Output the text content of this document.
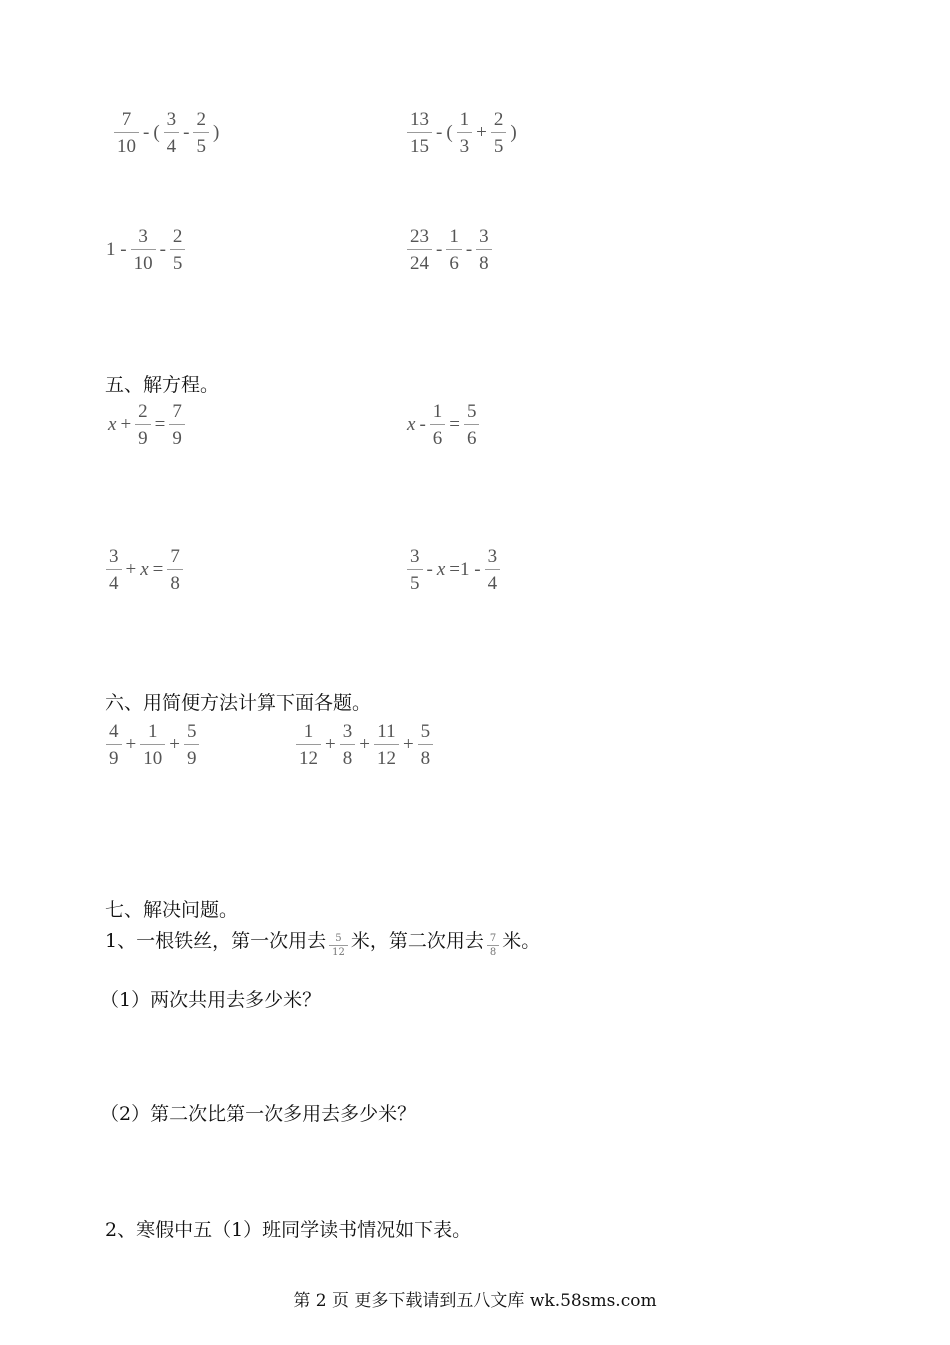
$\frac{7}{10}$ - ( $\frac{3}{4} - \frac{2}{5}$ )	$\frac{13}{15}$ - ( $\frac{1}{3} + \frac{2}{5}$ )
$1 - \frac{3}{10} - \frac{2}{5}$	$\frac{23}{24} - \frac{1}{6} - \frac{3}{8}$
五、解方程。
$x + \frac{2}{9} = \frac{7}{9}$	$x - \frac{1}{6} = \frac{5}{6}$
$\frac{3}{4} + x = \frac{7}{8}$	$\frac{3}{5} - x =1 - \frac{3}{4}$
六、用简便方法计算下面各题。
$\frac{4}{9} + \frac{1}{10} + \frac{5}{9}$	$\frac{1}{12} + \frac{3}{8} + \frac{11}{12} + \frac{5}{8}$
七、解决问题。
1、一根铁丝，第一次用去 $\frac{5}{12}$ 米，第二次用去 $\frac{7}{8}$ 米。
（1）两次共用去多少米？
（2）第二次比第一次多用去多少米？
2、寒假中五（1）班同学读书情况如下表。
第 2 页 更多下载请到五八文库 wk.58sms.com
